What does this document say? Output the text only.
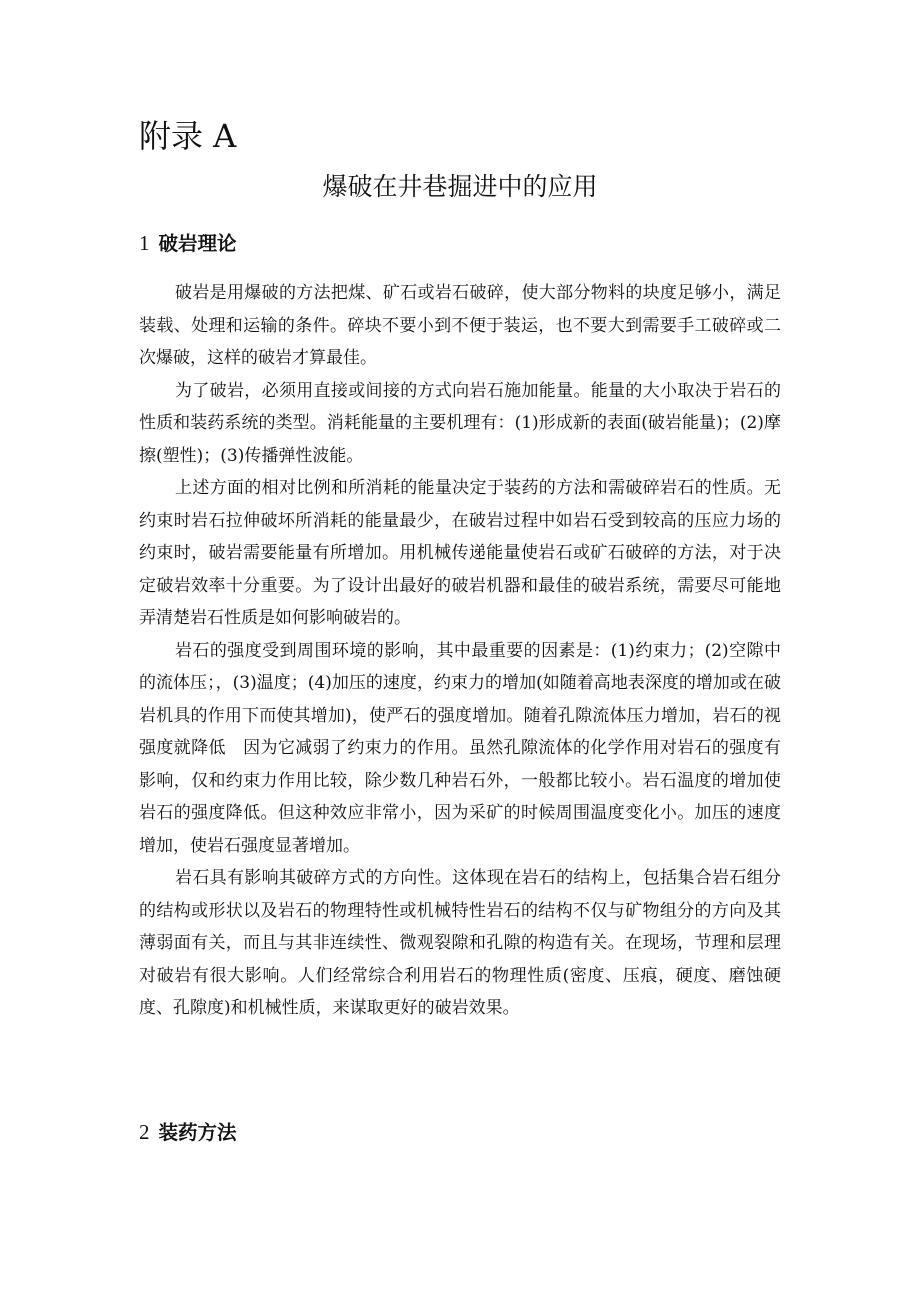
附录 A
爆破在井巷掘进中的应用
1 破岩理论

破岩是用爆破的方法把煤、矿石或岩石破碎，使大部分物料的块度足够小，满足装载、处理和运输的条件。碎块不要小到不便于装运，也不要大到需要手工破碎或二次爆破，这样的破岩才算最佳。

为了破岩，必须用直接或间接的方式向岩石施加能量。能量的大小取决于岩石的性质和装药系统的类型。消耗能量的主要机理有：(1)形成新的表面(破岩能量)；(2)摩擦(塑性)；(3)传播弹性波能。

上述方面的相对比例和所消耗的能量决定于装药的方法和需破碎岩石的性质。无约束时岩石拉伸破坏所消耗的能量最少，在破岩过程中如岩石受到较高的压应力场的约束时，破岩需要能量有所增加。用机械传递能量使岩石或矿石破碎的方法，对于决定破岩效率十分重要。为了设计出最好的破岩机器和最佳的破岩系统，需要尽可能地弄清楚岩石性质是如何影响破岩的。

岩石的强度受到周围环境的影响，其中最重要的因素是：(1)约束力；(2)空隙中的流体压；，(3)温度；(4)加压的速度，约束力的增加(如随着高地表深度的增加或在破岩机具的作用下而使其增加)，使严石的强度增加。随着孔隙流体压力增加，岩石的视强度就降低　因为它减弱了约束力的作用。虽然孔隙流体的化学作用对岩石的强度有影响，仅和约束力作用比较，除少数几种岩石外，一般都比较小。岩石温度的增加使岩石的强度降低。但这种效应非常小，因为采矿的时候周围温度变化小。加压的速度增加，使岩石强度显著增加。

岩石具有影响其破碎方式的方向性。这体现在岩石的结构上，包括集合岩石组分的结构或形状以及岩石的物理特性或机械特性岩石的结构不仅与矿物组分的方向及其薄弱面有关，而且与其非连续性、微观裂隙和孔隙的构造有关。在现场，节理和层理对破岩有很大影响。人们经常综合利用岩石的物理性质(密度、压痕，硬度、磨蚀硬度、孔隙度)和机械性质，来谋取更好的破岩效果。

2 装药方法
